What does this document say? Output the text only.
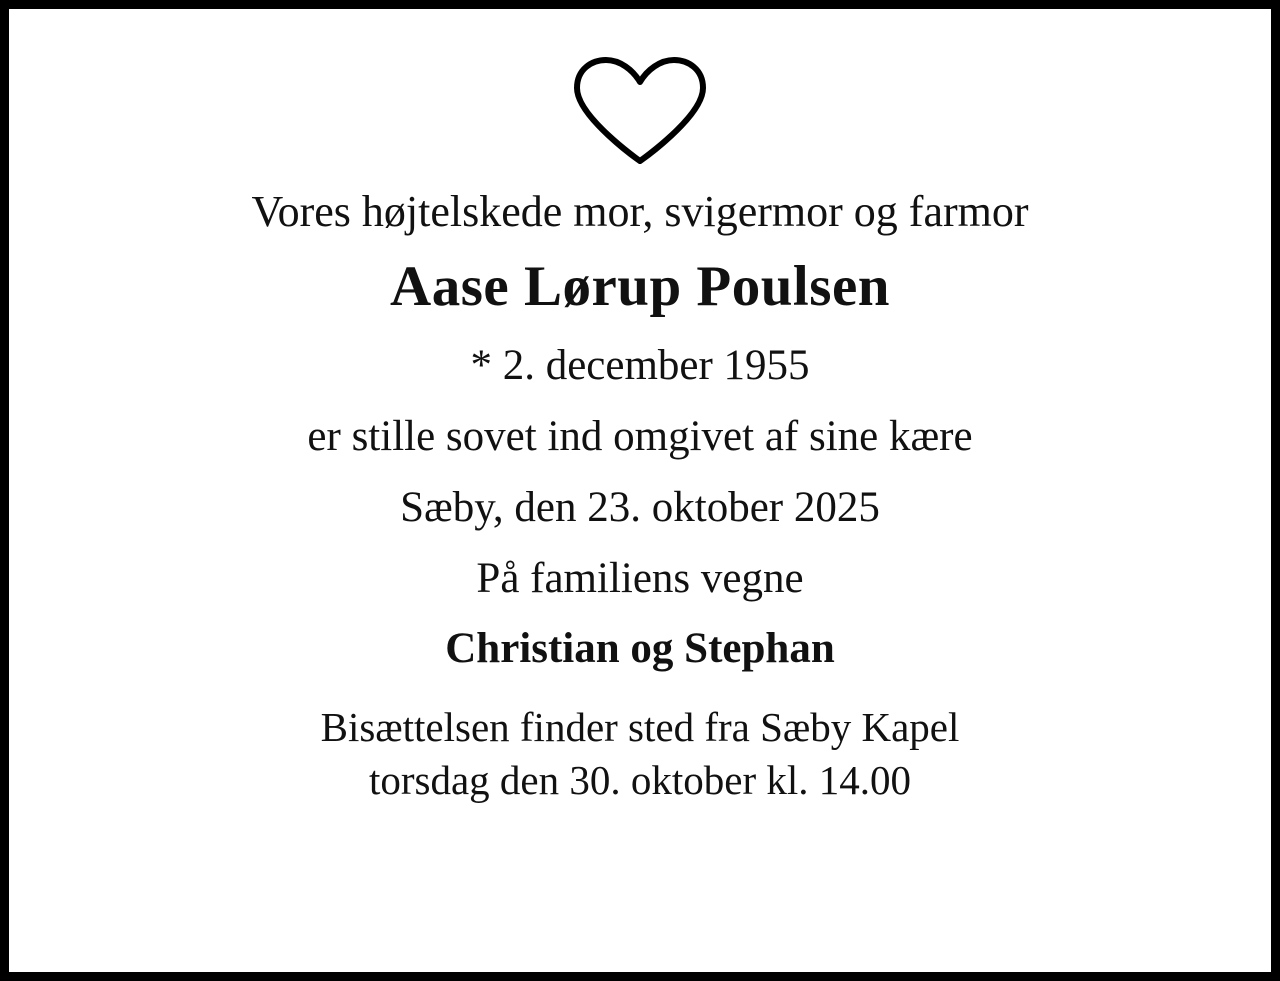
Vores højtelskede mor, svigermor og farmor
Aase Lørup Poulsen
* 2. december 1955
er stille sovet ind omgivet af sine kære
Sæby, den 23. oktober 2025
På familiens vegne
Christian og Stephan
Bisættelsen finder sted fra Sæby Kapel
torsdag den 30. oktober kl. 14.00
